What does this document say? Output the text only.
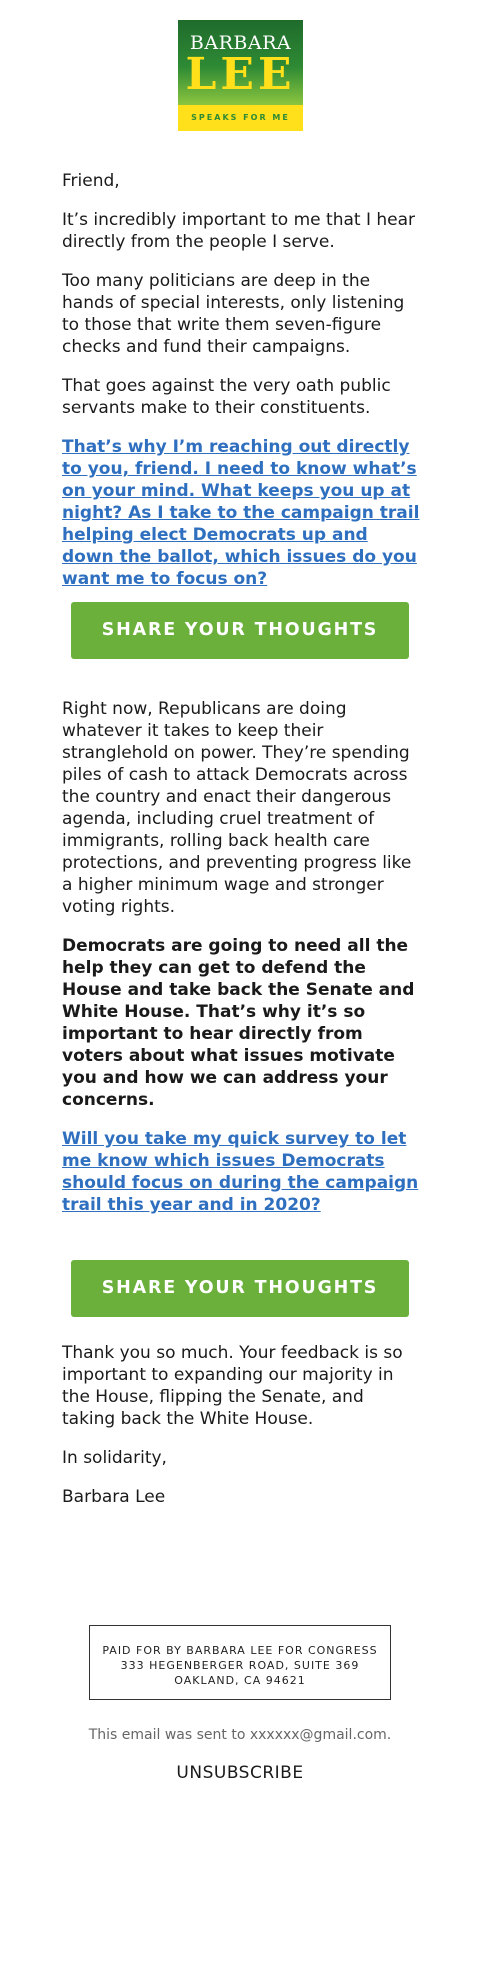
BARBARA
LEE
SPEAKS FOR ME

Friend,

It’s incredibly important to me that I hear directly from the people I serve.

Too many politicians are deep in the hands of special interests, only listening to those that write them seven-figure checks and fund their campaigns.

That goes against the very oath public servants make to their constituents.

That’s why I’m reaching out directly to you, friend. I need to know what’s on your mind. What keeps you up at night? As I take to the campaign trail helping elect Democrats up and down the ballot, which issues do you want me to focus on?

SHARE YOUR THOUGHTS

Right now, Republicans are doing whatever it takes to keep their stranglehold on power. They’re spending piles of cash to attack Democrats across the country and enact their dangerous agenda, including cruel treatment of immigrants, rolling back health care protections, and preventing progress like a higher minimum wage and stronger voting rights.

Democrats are going to need all the help they can get to defend the House and take back the Senate and White House. That’s why it’s so important to hear directly from voters about what issues motivate you and how we can address your concerns.

Will you take my quick survey to let me know which issues Democrats should focus on during the campaign trail this year and in 2020?

SHARE YOUR THOUGHTS

Thank you so much. Your feedback is so important to expanding our majority in the House, flipping the Senate, and taking back the White House.

In solidarity,

Barbara Lee

PAID FOR BY BARBARA LEE FOR CONGRESS
333 HEGENBERGER ROAD, SUITE 369
OAKLAND, CA 94621
This email was sent to xxxxxx@gmail.com.
UNSUBSCRIBE
